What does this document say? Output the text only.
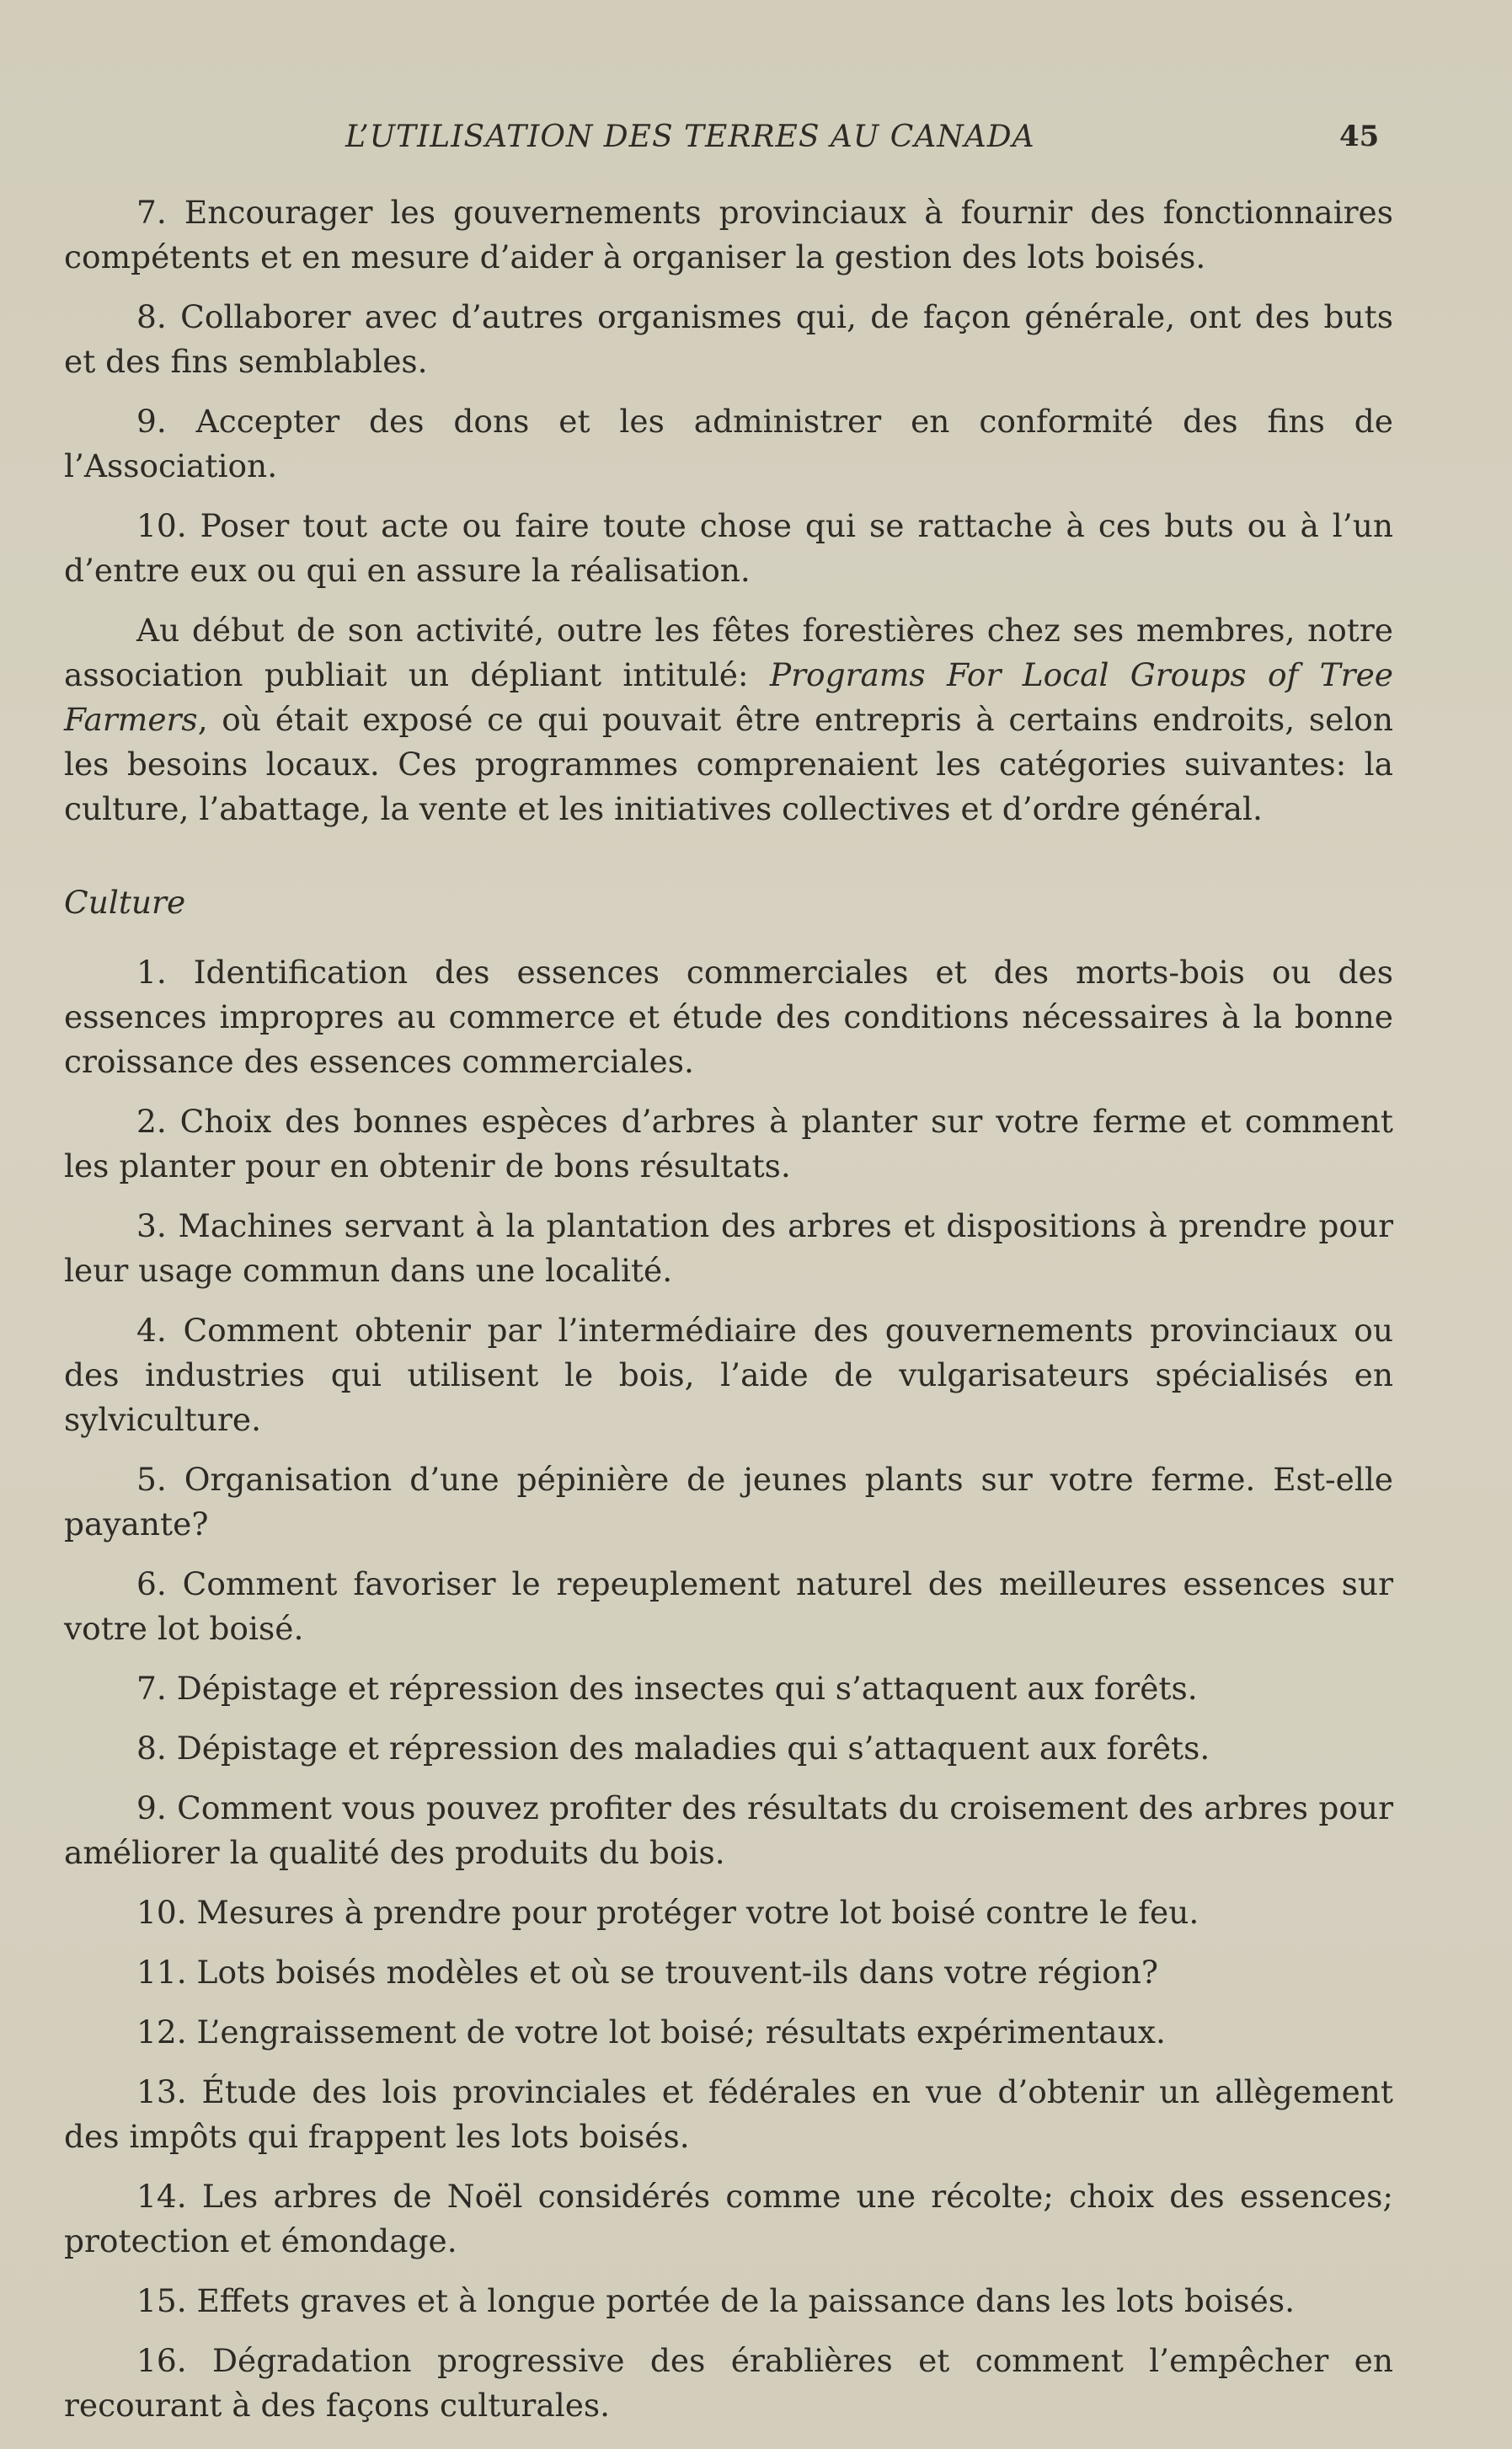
L’UTILISATION DES TERRES AU CANADA	45

7. Encourager les gouvernements provinciaux à fournir des fonctionnaires compétents et en mesure d’aider à organiser la gestion des lots boisés.

8. Collaborer avec d’autres organismes qui, de façon générale, ont des buts et des fins semblables.

9. Accepter des dons et les administrer en conformité des fins de l’Association.

10. Poser tout acte ou faire toute chose qui se rattache à ces buts ou à l’un d’entre eux ou qui en assure la réalisation.

Au début de son activité, outre les fêtes forestières chez ses membres, notre association publiait un dépliant intitulé: Programs For Local Groups of Tree Farmers, où était exposé ce qui pouvait être entrepris à certains endroits, selon les besoins locaux. Ces programmes comprenaient les catégories suivantes: la culture, l’abattage, la vente et les initiatives collectives et d’ordre général.

Culture

1. Identification des essences commerciales et des morts-bois ou des essences impropres au commerce et étude des conditions nécessaires à la bonne croissance des essences commerciales.

2. Choix des bonnes espèces d’arbres à planter sur votre ferme et comment les planter pour en obtenir de bons résultats.

3. Machines servant à la plantation des arbres et dispositions à prendre pour leur usage commun dans une localité.

4. Comment obtenir par l’intermédiaire des gouvernements provinciaux ou des industries qui utilisent le bois, l’aide de vulgarisateurs spécialisés en sylviculture.

5. Organisation d’une pépinière de jeunes plants sur votre ferme. Est-elle payante?

6. Comment favoriser le repeuplement naturel des meilleures essences sur votre lot boisé.

7. Dépistage et répression des insectes qui s’attaquent aux forêts.

8. Dépistage et répression des maladies qui s’attaquent aux forêts.

9. Comment vous pouvez profiter des résultats du croisement des arbres pour améliorer la qualité des produits du bois.

10. Mesures à prendre pour protéger votre lot boisé contre le feu.

11. Lots boisés modèles et où se trouvent-ils dans votre région?

12. L’engraissement de votre lot boisé; résultats expérimentaux.

13. Étude des lois provinciales et fédérales en vue d’obtenir un allègement des impôts qui frappent les lots boisés.

14. Les arbres de Noël considérés comme une récolte; choix des essences; protection et émondage.

15. Effets graves et à longue portée de la paissance dans les lots boisés.

16. Dégradation progressive des érablières et comment l’empêcher en recourant à des façons culturales.
